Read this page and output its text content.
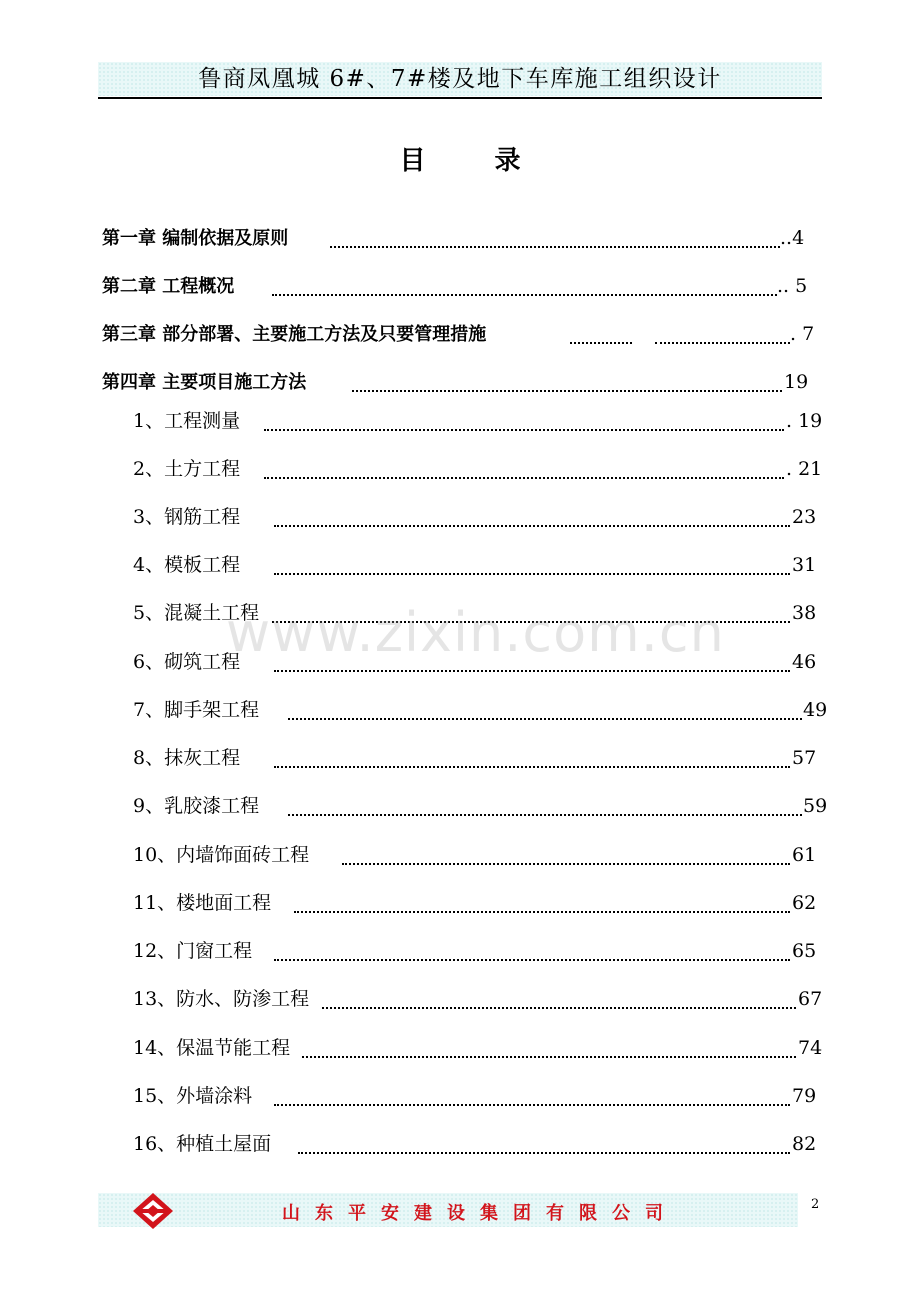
鲁商凤凰城 6#、7#楼及地下车库施工组织设计
目 录
第一章 编制依据及原则	..4
第二章 工程概况	.. 5
第三章 部分部署、主要施工方法及只要管理措施	. 7
第四章 主要项目施工方法	19
1、工程测量	. 19
2、土方工程	. 21
3、钢筋工程	23
4、模板工程	31
5、混凝土工程	38
6、砌筑工程	46
7、脚手架工程	49
8、抹灰工程	57
9、乳胶漆工程	59
10、内墙饰面砖工程	61
11、楼地面工程	62
12、门窗工程	65
13、防水、防渗工程	67
14、保温节能工程	74
15、外墙涂料	79
16、种植土屋面	82
www.zixin.com.cn
山东平安建设集团有限公司	2
